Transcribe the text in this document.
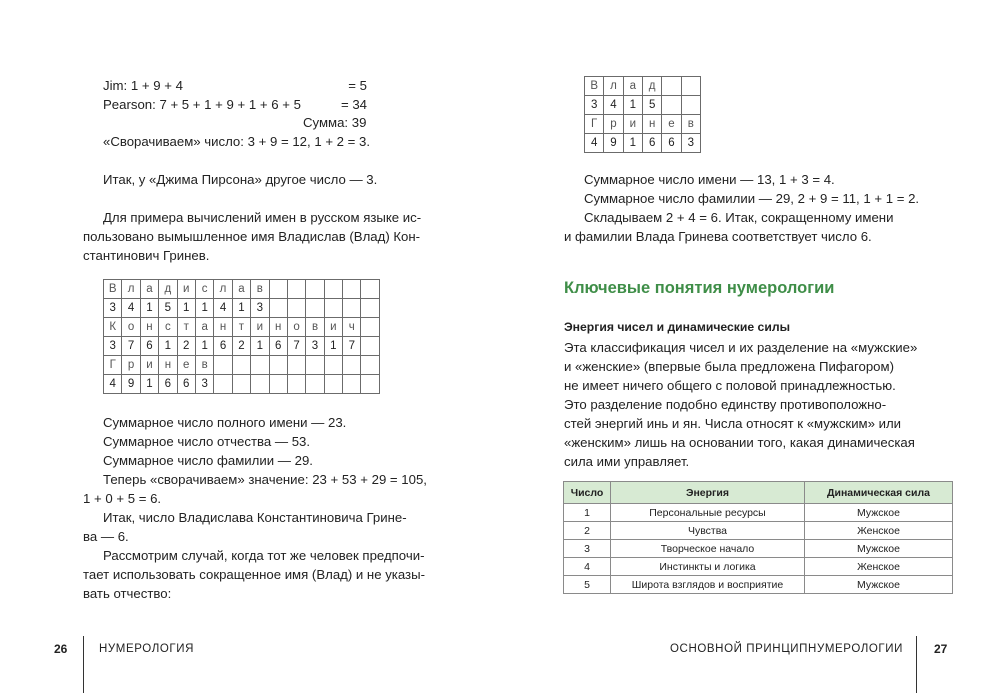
Jim: 1 + 9 + 4	= 5
Pearson: 7 + 5 + 1 + 9 + 1 + 6 + 5	= 34
Сумма: 39
«Сворачиваем» число: 3 + 9 = 12, 1 + 2 = 3.
Итак, у «Джима Пирсона» другое число — 3.
Для примера вычислений имен в русском языке ис-
пользовано вымышленное имя Владислав (Влад) Кон-
стантинович Гринев.
В	л	а	д	и	с	л	а	в						
3	4	1	5	1	1	4	1	3						
К	о	н	с	т	а	н	т	и	н	о	в	и	ч	
3	7	6	1	2	1	6	2	1	6	7	3	1	7	
Г	р	и	н	е	в									
4	9	1	6	6	3									
Суммарное число полного имени — 23.
Суммарное число отчества — 53.
Суммарное число фамилии — 29.
Теперь «сворачиваем» значение: 23 + 53 + 29 = 105,
1 + 0 + 5 = 6.
Итак, число Владислава Константиновича Грине-
ва — 6.
Рассмотрим случай, когда тот же человек предпочи-
тает использовать сокращенное имя (Влад) и не указы-
вать отчество:
26	НУМЕРОЛОГИЯ
В	л	а	д		
3	4	1	5		
Г	р	и	н	е	в
4	9	1	6	6	3
Суммарное число имени — 13, 1 + 3 = 4.
Суммарное число фамилии — 29, 2 + 9 = 11, 1 + 1 = 2.
Складываем 2 + 4 = 6. Итак, сокращенному имени
и фамилии Влада Гринева соответствует число 6.
Ключевые понятия нумерологии
Энергия чисел и динамические силы
Эта классификация чисел и их разделение на «мужские»
и «женские» (впервые была предложена Пифагором)
не имеет ничего общего с половой принадлежностью.
Это разделение подобно единству противоположно-
стей энергий инь и ян. Числа относят к «мужским» или
«женским» лишь на основании того, какая динамическая
сила ими управляет.
Число	Энергия	Динамическая сила
1	Персональные ресурсы	Мужское
2	Чувства	Женское
3	Творческое начало	Мужское
4	Инстинкты и логика	Женское
5	Широта взглядов и восприятие	Мужское
ОСНОВНОЙ ПРИНЦИПНУМЕРОЛОГИИ	27
